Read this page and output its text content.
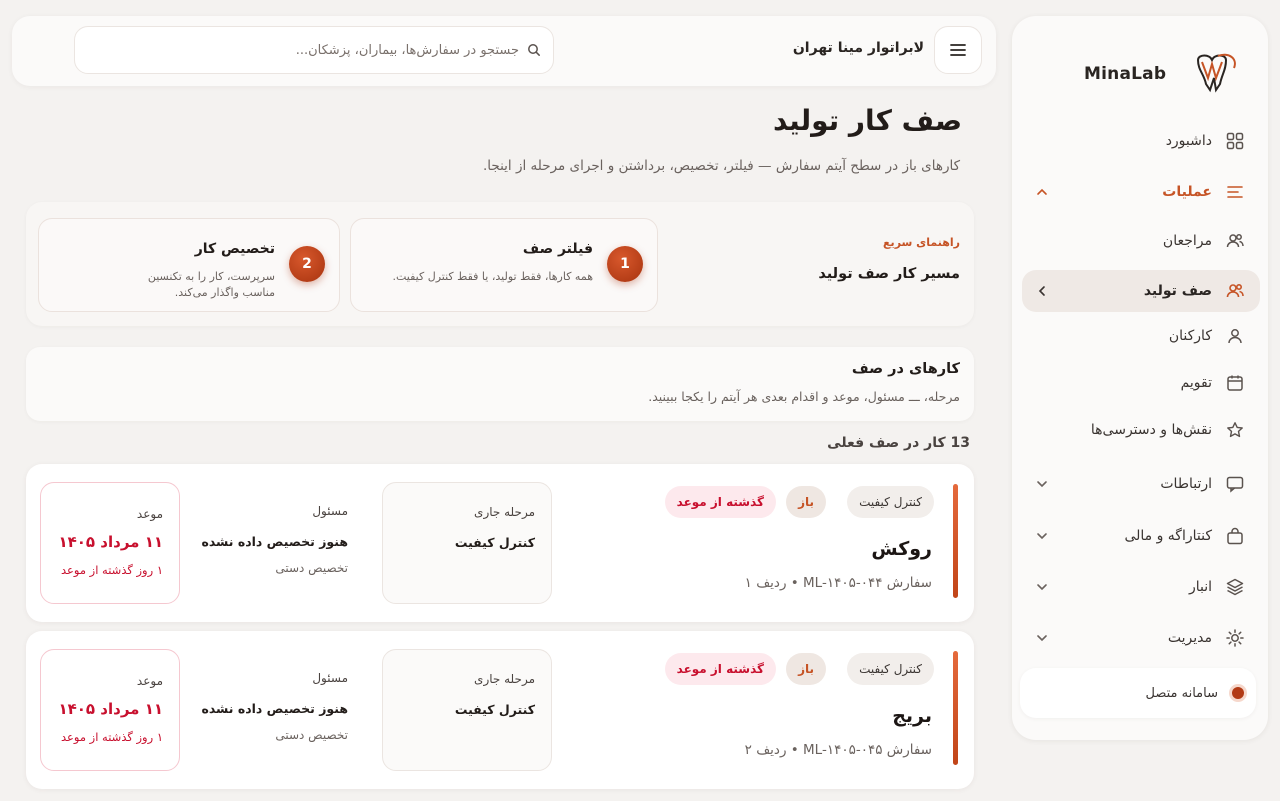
MinaLab
داشبورد
عملیات
مراجعان
صف تولید
کارکنان
تقویم
نقش‌ها و دسترسی‌ها
ارتباطات
کنتاراگه و مالی
انبار
مدیریت
سامانه متصل
لابراتوار مینا تهران
جستجو در سفارش‌ها، بیماران، پزشکان...
صف کار تولید

کارهای باز در سطح آیتم سفارش — فیلتر، تخصیص، برداشتن و اجرای مرحله از اینجا.

راهنمای سریع
مسیر کار صف تولید
1
فیلتر صف
همه کارها، فقط تولید، یا فقط کنترل کیفیت.
2
تخصیص کار
سرپرست، کار را به تکنسین
مناسب واگذار می‌کند.
کارهای در صف
مرحله، ـــ مسئول، موعد و اقدام بعدی هر آیتم را یکجا ببینید.
13 کار در صف فعلی
کنترل کیفیت
باز
گذشته از موعد
روکش
سفارش ML-۱۴۰۵-۰۴۴ • ردیف ۱
مرحله جاری
کنترل کیفیت
مسئول
هنوز تخصیص داده نشده
تخصیص دستی
موعد
۱۱ مرداد ۱۴۰۵
۱ روز گذشته از موعد
کنترل کیفیت
باز
گذشته از موعد
بریج
سفارش ML-۱۴۰۵-۰۴۵ • ردیف ۲
مرحله جاری
کنترل کیفیت
مسئول
هنوز تخصیص داده نشده
تخصیص دستی
موعد
۱۱ مرداد ۱۴۰۵
۱ روز گذشته از موعد
